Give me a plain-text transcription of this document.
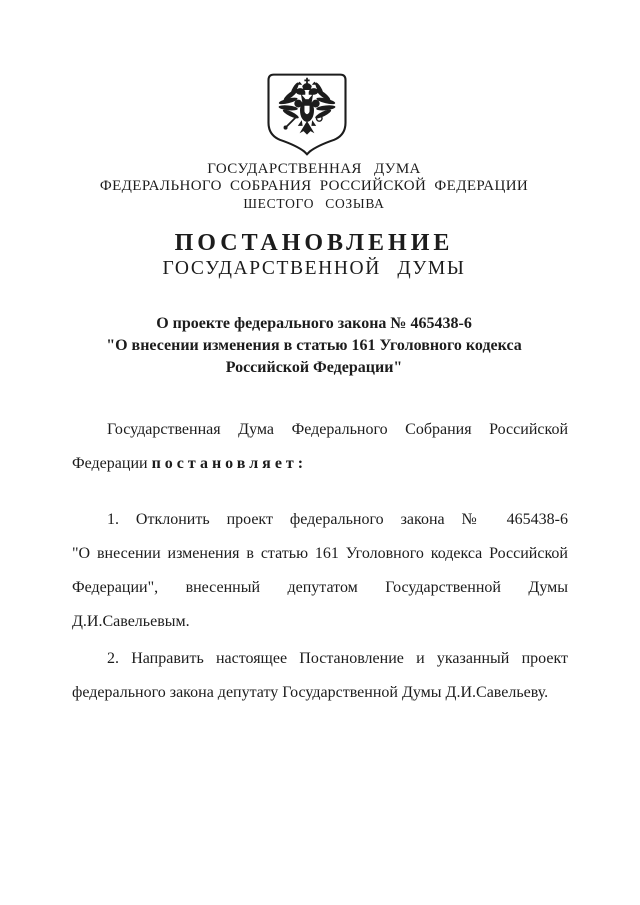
ГОСУДАРСТВЕННАЯ ДУМА
ФЕДЕРАЛЬНОГО СОБРАНИЯ РОССИЙСКОЙ ФЕДЕРАЦИИ
ШЕСТОГО СОЗЫВА
ПОСТАНОВЛЕНИЕ
ГОСУДАРСТВЕННОЙ ДУМЫ
О проекте федерального закона № 465438-6
"О внесении изменения в статью 161 Уголовного кодекса
Российской Федерации"
Государственная Дума Федерального Собрания Российской
Федерации постановляет:
1. Отклонить проект федерального закона № 465438-6
"О внесении изменения в статью 161 Уголовного кодекса Российской
Федерации", внесенный депутатом Государственной Думы
Д.И.Савельевым.
2. Направить настоящее Постановление и указанный проект
федерального закона депутату Государственной Думы Д.И.Савельеву.
